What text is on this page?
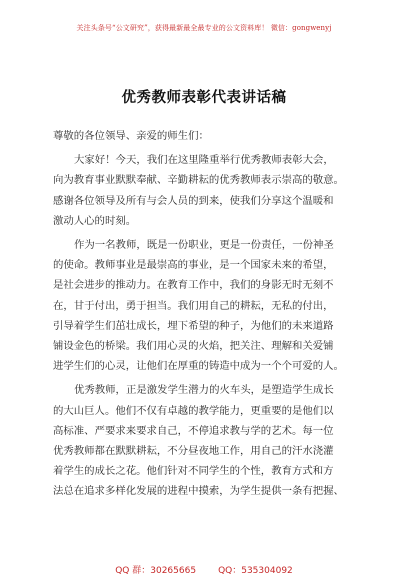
关注头条号“公文研究”，获得最新最全最专业的公文资料库！ 微信：gongwenyj
优秀教师表彰代表讲话稿
尊敬的各位领导、亲爱的师生们：
大家好！今天，我们在这里隆重举行优秀教师表彰大会，
向为教育事业默默奉献、辛勤耕耘的优秀教师表示崇高的敬意。
感谢各位领导及所有与会人员的到来，使我们分享这个温暖和
激动人心的时刻。
作为一名教师，既是一份职业，更是一份责任，一份神圣
的使命。教师事业是最崇高的事业，是一个国家未来的希望，
是社会进步的推动力。在教育工作中，我们的身影无时无刻不
在，甘于付出，勇于担当。我们用自己的耕耘，无私的付出，
引导着学生们茁壮成长，埋下希望的种子，为他们的未来道路
铺设金色的桥梁。我们用心灵的火焰，把关注、理解和关爱铺
进学生们的心灵，让他们在厚重的铸造中成为一个个可爱的人。
优秀教师，正是激发学生潜力的火车头，是塑造学生成长
的大山巨人。他们不仅有卓越的教学能力，更重要的是他们以
高标准、严要求来要求自己，不停追求教与学的艺术。每一位
优秀教师都在默默耕耘，不分昼夜地工作，用自己的汗水浇灌
着学生的成长之花。他们针对不同学生的个性，教育方式和方
法总在追求多样化发展的进程中摸索，为学生提供一条有把握、
QQ 群：30265665 QQ：535304092
